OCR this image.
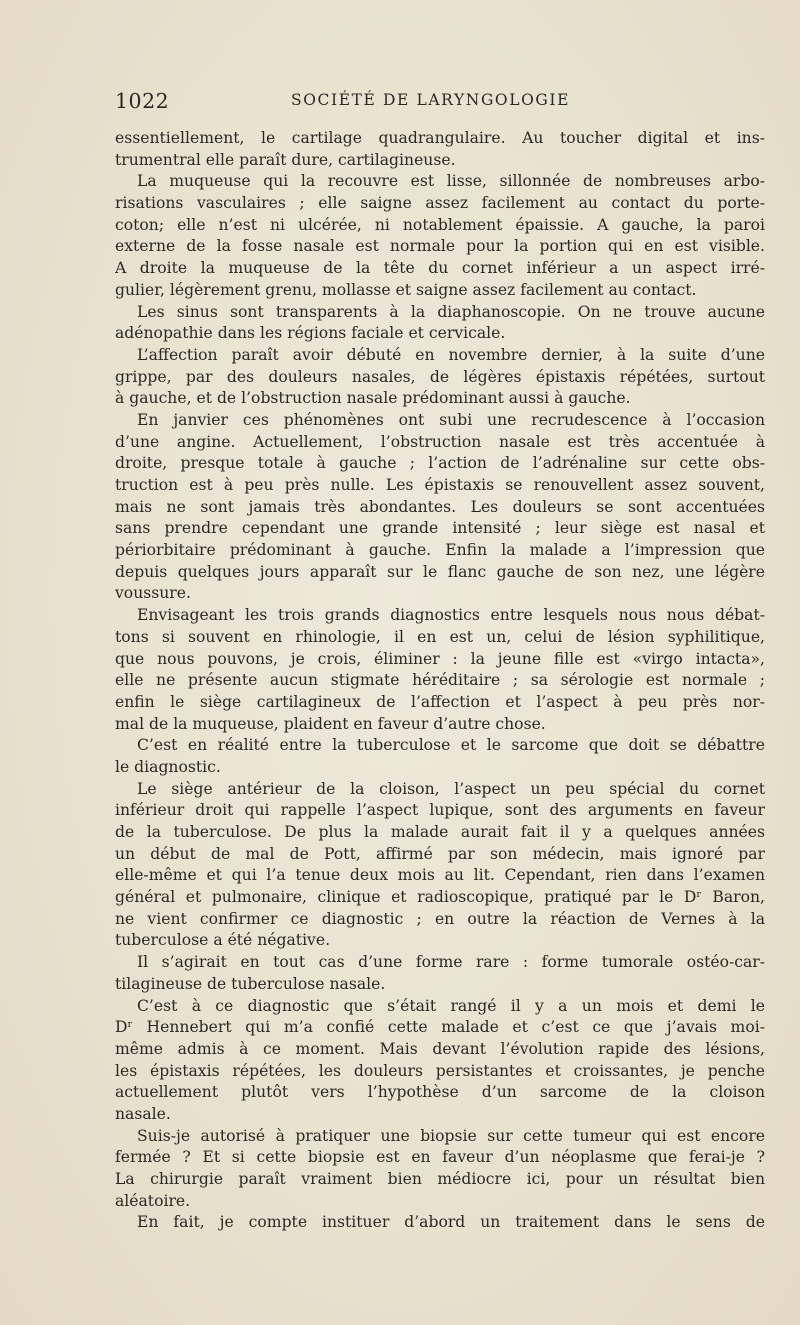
1022	SOCIÉTÉ DE LARYNGOLOGIE
essentiellement, le cartilage quadrangulaire. Au toucher digital et ins-
trumentral elle paraît dure, cartilagineuse.
La muqueuse qui la recouvre est lisse, sillonnée de nombreuses arbo-
risations vasculaires ; elle saigne assez facilement au contact du porte-
coton; elle n’est ni ulcérée, ni notablement épaissie. A gauche, la paroi
externe de la fosse nasale est normale pour la portion qui en est visible.
A droite la muqueuse de la tête du cornet inférieur a un aspect irré-
gulier, légèrement grenu, mollasse et saigne assez facilement au contact.
Les sinus sont transparents à la diaphanoscopie. On ne trouve aucune
adénopathie dans les régions faciale et cervicale.
L’affection paraît avoir débuté en novembre dernier, à la suite d’une
grippe, par des douleurs nasales, de légères épistaxis répétées, surtout
à gauche, et de l’obstruction nasale prédominant aussi à gauche.
En janvier ces phénomènes ont subi une recrudescence à l’occasion
d’une angine. Actuellement, l’obstruction nasale est très accentuée à
droite, presque totale à gauche ; l’action de l’adrénaline sur cette obs-
truction est à peu près nulle. Les épistaxis se renouvellent assez souvent,
mais ne sont jamais très abondantes. Les douleurs se sont accentuées
sans prendre cependant une grande intensité ; leur siège est nasal et
périorbitaire prédominant à gauche. Enfin la malade a l’impression que
depuis quelques jours apparaît sur le flanc gauche de son nez, une légère
voussure.
Envisageant les trois grands diagnostics entre lesquels nous nous débat-
tons si souvent en rhinologie, il en est un, celui de lésion syphilitique,
que nous pouvons, je crois, éliminer : la jeune fille est «virgo intacta»,
elle ne présente aucun stigmate héréditaire ; sa sérologie est normale ;
enfin le siège cartilagineux de l’affection et l’aspect à peu près nor-
mal de la muqueuse, plaident en faveur d’autre chose.
C’est en réalité entre la tuberculose et le sarcome que doit se débattre
le diagnostic.
Le siège antérieur de la cloison, l’aspect un peu spécial du cornet
inférieur droit qui rappelle l’aspect lupique, sont des arguments en faveur
de la tuberculose. De plus la malade aurait fait il y a quelques années
un début de mal de Pott, affirmé par son médecin, mais ignoré par
elle-même et qui l’a tenue deux mois au lit. Cependant, rien dans l’examen
général et pulmonaire, clinique et radioscopique, pratiqué par le Dʳ Baron,
ne vient confirmer ce diagnostic ; en outre la réaction de Vernes à la
tuberculose a été négative.
Il s’agirait en tout cas d’une forme rare : forme tumorale ostéo-car-
tilagineuse de tuberculose nasale.
C’est à ce diagnostic que s’était rangé il y a un mois et demi le
Dʳ Hennebert qui m’a confié cette malade et c’est ce que j’avais moi-
même admis à ce moment. Mais devant l’évolution rapide des lésions,
les épistaxis répétées, les douleurs persistantes et croissantes, je penche
actuellement plutôt vers l’hypothèse d’un sarcome de la cloison
nasale.
Suis-je autorisé à pratiquer une biopsie sur cette tumeur qui est encore
fermée ? Et si cette biopsie est en faveur d’un néoplasme que ferai-je ?
La chirurgie paraît vraiment bien médiocre ici, pour un résultat bien
aléatoire.
En fait, je compte instituer d’abord un traitement dans le sens de
